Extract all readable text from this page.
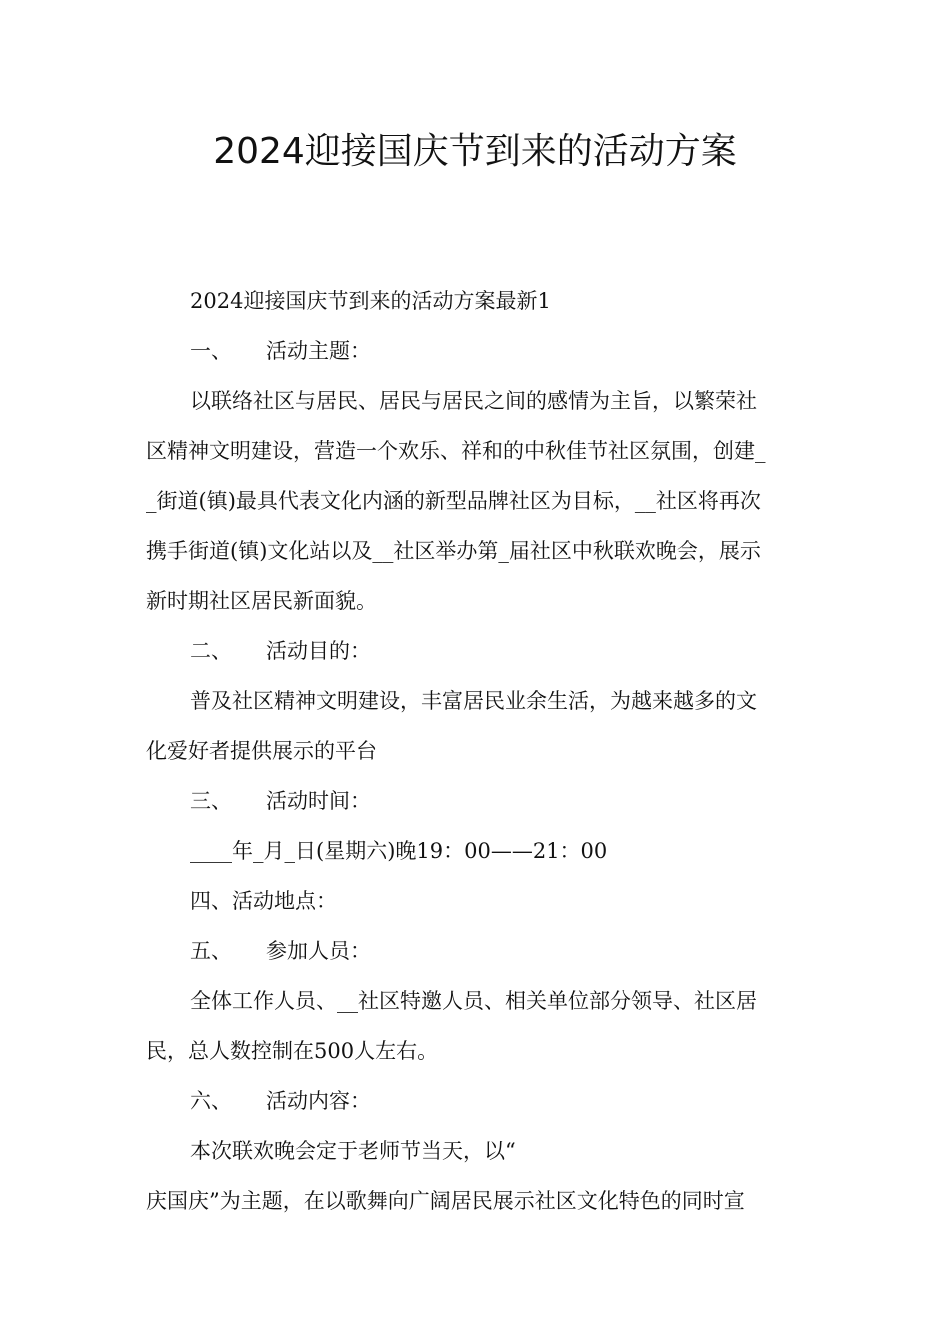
2024迎接国庆节到来的活动方案

2024迎接国庆节到来的活动方案最新1

一、 活动主题：

以联络社区与居民、居民与居民之间的感情为主旨，以繁荣社

区精神文明建设，营造一个欢乐、祥和的中秋佳节社区氛围，创建_

_街道(镇)最具代表文化内涵的新型品牌社区为目标，__社区将再次

携手街道(镇)文化站以及__社区举办第_届社区中秋联欢晚会，展示

新时期社区居民新面貌。

二、 活动目的：

普及社区精神文明建设，丰富居民业余生活，为越来越多的文

化爱好者提供展示的平台

三、 活动时间：

____年_月_日(星期六)晚19：00——21：00

四、活动地点：

五、 参加人员：

全体工作人员、__社区特邀人员、相关单位部分领导、社区居

民，总人数控制在500人左右。

六、 活动内容：

本次联欢晚会定于老师节当天，以“

庆国庆”为主题，在以歌舞向广阔居民展示社区文化特色的同时宣
